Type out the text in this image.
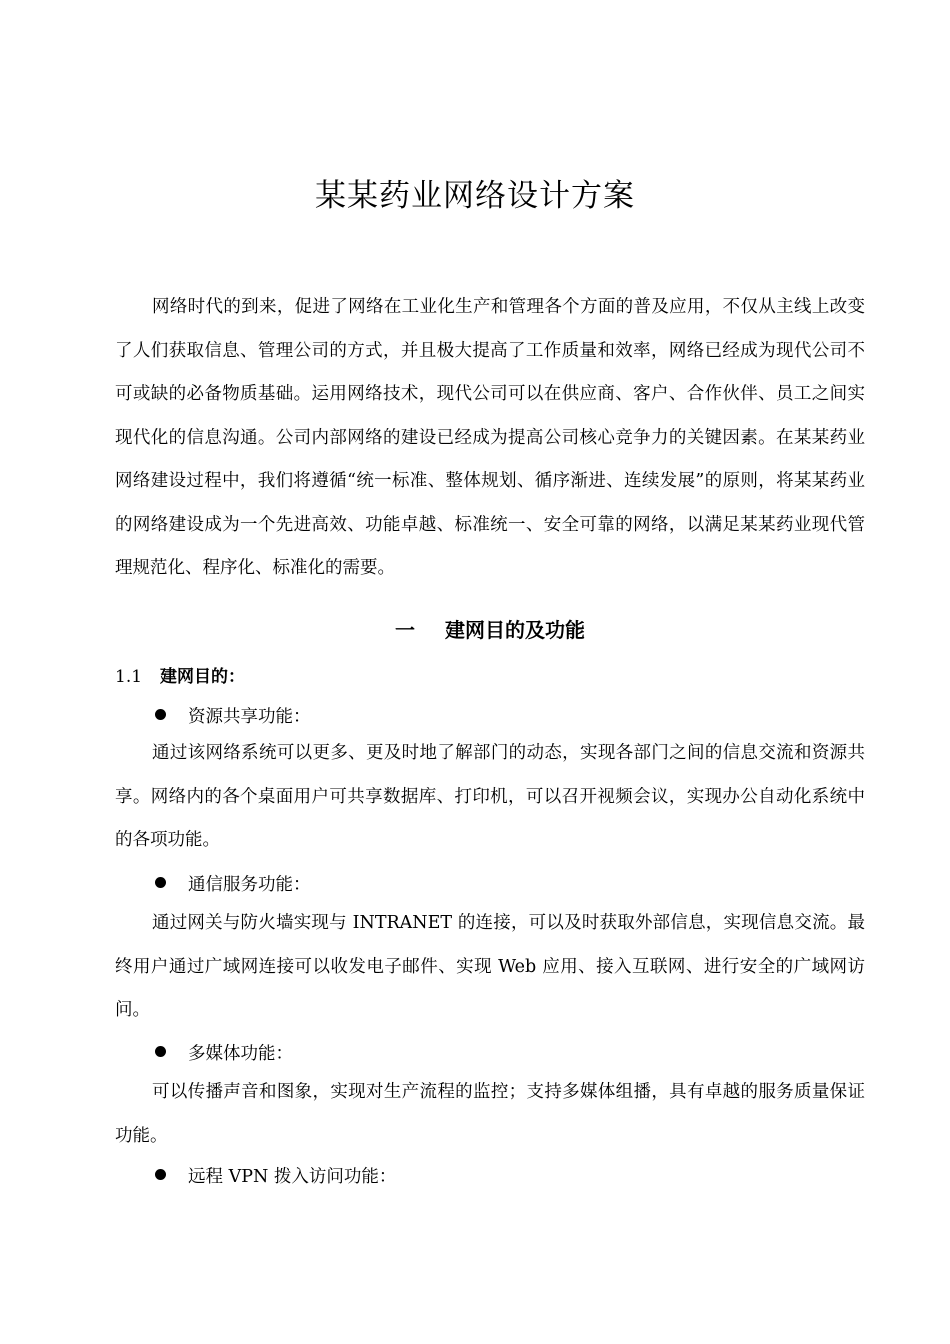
某某药业网络设计方案

网络时代的到来，促进了网络在工业化生产和管理各个方面的普及应用，不仅从主线上改变了人们获取信息、管理公司的方式，并且极大提高了工作质量和效率，网络已经成为现代公司不可或缺的必备物质基础。运用网络技术，现代公司可以在供应商、客户、合作伙伴、员工之间实现代化的信息沟通。公司内部网络的建设已经成为提高公司核心竞争力的关键因素。在某某药业网络建设过程中，我们将遵循“统一标准、整体规划、循序渐进、连续发展”的原则，将某某药业的网络建设成为一个先进高效、功能卓越、标准统一、安全可靠的网络，以满足某某药业现代管理规范化、程序化、标准化的需要。

一 建网目的及功能
1.1 建网目的：
资源共享功能：

通过该网络系统可以更多、更及时地了解部门的动态，实现各部门之间的信息交流和资源共享。网络内的各个桌面用户可共享数据库、打印机，可以召开视频会议，实现办公自动化系统中的各项功能。

通信服务功能：

通过网关与防火墙实现与 INTRANET 的连接，可以及时获取外部信息，实现信息交流。最终用户通过广域网连接可以收发电子邮件、实现 Web 应用、接入互联网、进行安全的广域网访问。

多媒体功能：

可以传播声音和图象，实现对生产流程的监控；支持多媒体组播，具有卓越的服务质量保证功能。

远程 VPN 拨入访问功能：
